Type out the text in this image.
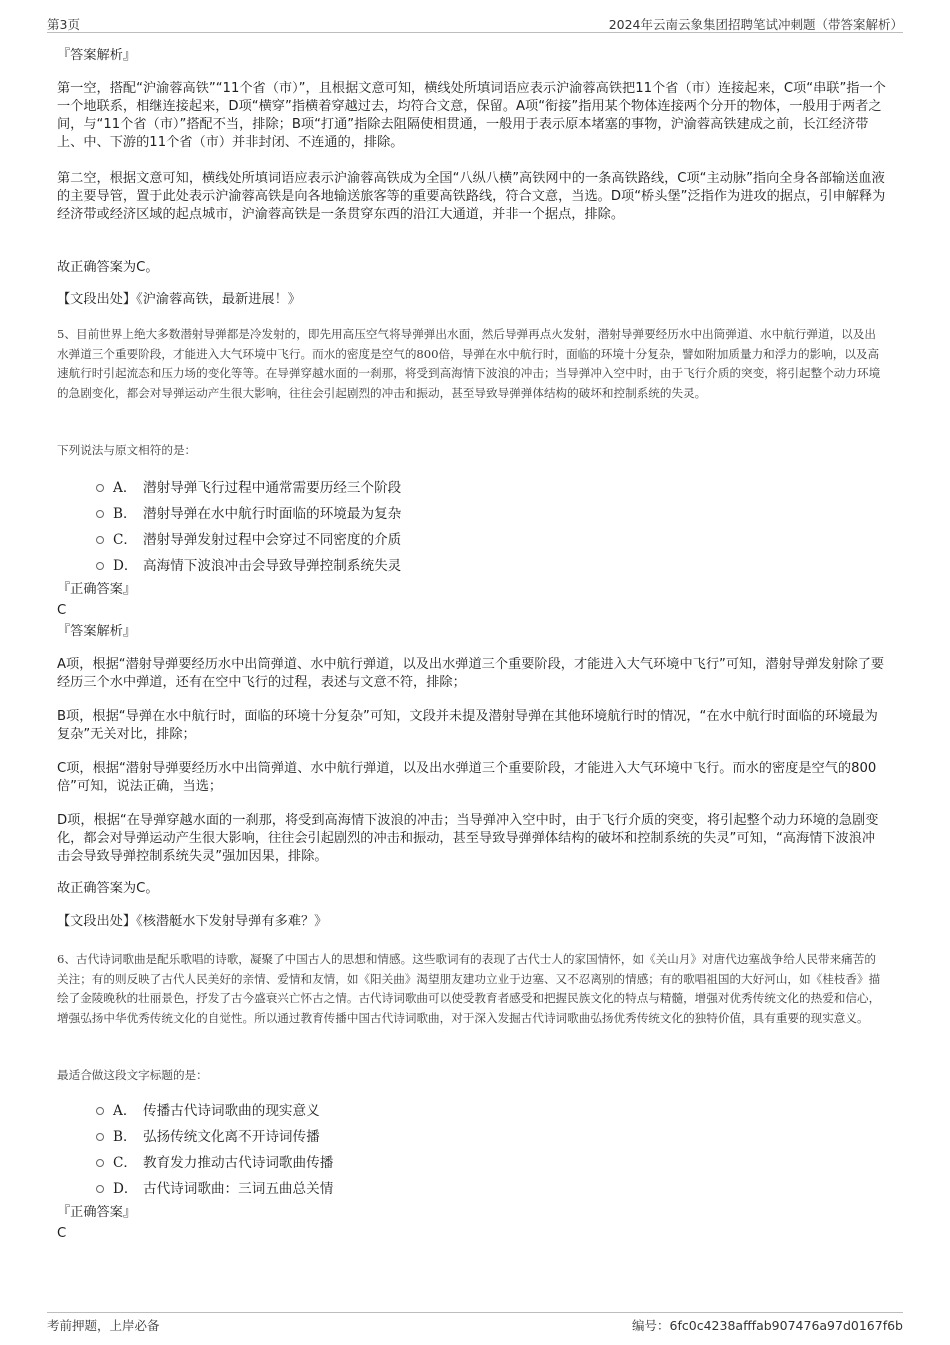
第3页	2024年云南云象集团招聘笔试冲刺题（带答案解析）
『答案解析』

第一空，搭配“沪渝蓉高铁”“11个省（市）”，且根据文意可知，横线处所填词语应表示沪渝蓉高铁把11个省（市）连接起来，C项“串联”指一个一个地联系，相继连接起来，D项“横穿”指横着穿越过去，均符合文意，保留。A项“衔接”指用某个物体连接两个分开的物体，一般用于两者之间，与“11个省（市）”搭配不当，排除；B项“打通”指除去阻隔使相贯通，一般用于表示原本堵塞的事物，沪渝蓉高铁建成之前，长江经济带上、中、下游的11个省（市）并非封闭、不连通的，排除。

第二空，根据文意可知，横线处所填词语应表示沪渝蓉高铁成为全国“八纵八横”高铁网中的一条高铁路线，C项“主动脉”指向全身各部输送血液的主要导管，置于此处表示沪渝蓉高铁是向各地输送旅客等的重要高铁路线，符合文意，当选。D项“桥头堡”泛指作为进攻的据点，引申解释为经济带或经济区域的起点城市，沪渝蓉高铁是一条贯穿东西的沿江大通道，并非一个据点，排除。

故正确答案为C。

【文段出处】《沪渝蓉高铁，最新进展！》

5、目前世界上绝大多数潜射导弹都是冷发射的，即先用高压空气将导弹弹出水面，然后导弹再点火发射，潜射导弹要经历水中出筒弹道、水中航行弹道，以及出水弹道三个重要阶段，才能进入大气环境中飞行。而水的密度是空气的800倍，导弹在水中航行时，面临的环境十分复杂，譬如附加质量力和浮力的影响，以及高速航行时引起流态和压力场的变化等等。在导弹穿越水面的一刹那，将受到高海情下波浪的冲击；当导弹冲入空中时，由于飞行介质的突变，将引起整个动力环境的急剧变化，都会对导弹运动产生很大影响，往往会引起剧烈的冲击和振动，甚至导致导弹弹体结构的破坏和控制系统的失灵。

下列说法与原文相符的是：

A． 潜射导弹飞行过程中通常需要历经三个阶段
B． 潜射导弹在水中航行时面临的环境最为复杂
C． 潜射导弹发射过程中会穿过不同密度的介质
D． 高海情下波浪冲击会导致导弹控制系统失灵
『正确答案』
C
『答案解析』

A项，根据“潜射导弹要经历水中出筒弹道、水中航行弹道，以及出水弹道三个重要阶段，才能进入大气环境中飞行”可知，潜射导弹发射除了要经历三个水中弹道，还有在空中飞行的过程，表述与文意不符，排除；

B项，根据“导弹在水中航行时，面临的环境十分复杂”可知，文段并未提及潜射导弹在其他环境航行时的情况，“在水中航行时面临的环境最为复杂”无关对比，排除；

C项，根据“潜射导弹要经历水中出筒弹道、水中航行弹道，以及出水弹道三个重要阶段，才能进入大气环境中飞行。而水的密度是空气的800倍”可知，说法正确，当选；

D项，根据“在导弹穿越水面的一刹那，将受到高海情下波浪的冲击；当导弹冲入空中时，由于飞行介质的突变，将引起整个动力环境的急剧变化，都会对导弹运动产生很大影响，往往会引起剧烈的冲击和振动，甚至导致导弹弹体结构的破坏和控制系统的失灵”可知，“高海情下波浪冲击会导致导弹控制系统失灵”强加因果，排除。

故正确答案为C。

【文段出处】《核潜艇水下发射导弹有多难？》

6、古代诗词歌曲是配乐歌唱的诗歌，凝聚了中国古人的思想和情感。这些歌词有的表现了古代士人的家国情怀，如《关山月》对唐代边塞战争给人民带来痛苦的关注；有的则反映了古代人民美好的亲情、爱情和友情，如《阳关曲》渴望朋友建功立业于边塞、又不忍离别的情感；有的歌唱祖国的大好河山，如《桂枝香》描绘了金陵晚秋的壮丽景色，抒发了古今盛衰兴亡怀古之情。古代诗词歌曲可以使受教育者感受和把握民族文化的特点与精髓，增强对优秀传统文化的热爱和信心，增强弘扬中华优秀传统文化的自觉性。所以通过教育传播中国古代诗词歌曲，对于深入发掘古代诗词歌曲弘扬优秀传统文化的独特价值，具有重要的现实意义。

最适合做这段文字标题的是：

A． 传播古代诗词歌曲的现实意义
B． 弘扬传统文化离不开诗词传播
C． 教育发力推动古代诗词歌曲传播
D． 古代诗词歌曲：三词五曲总关情
『正确答案』
C
考前押题，上岸必备	编号：6fc0c4238afffab907476a97d0167f6b
